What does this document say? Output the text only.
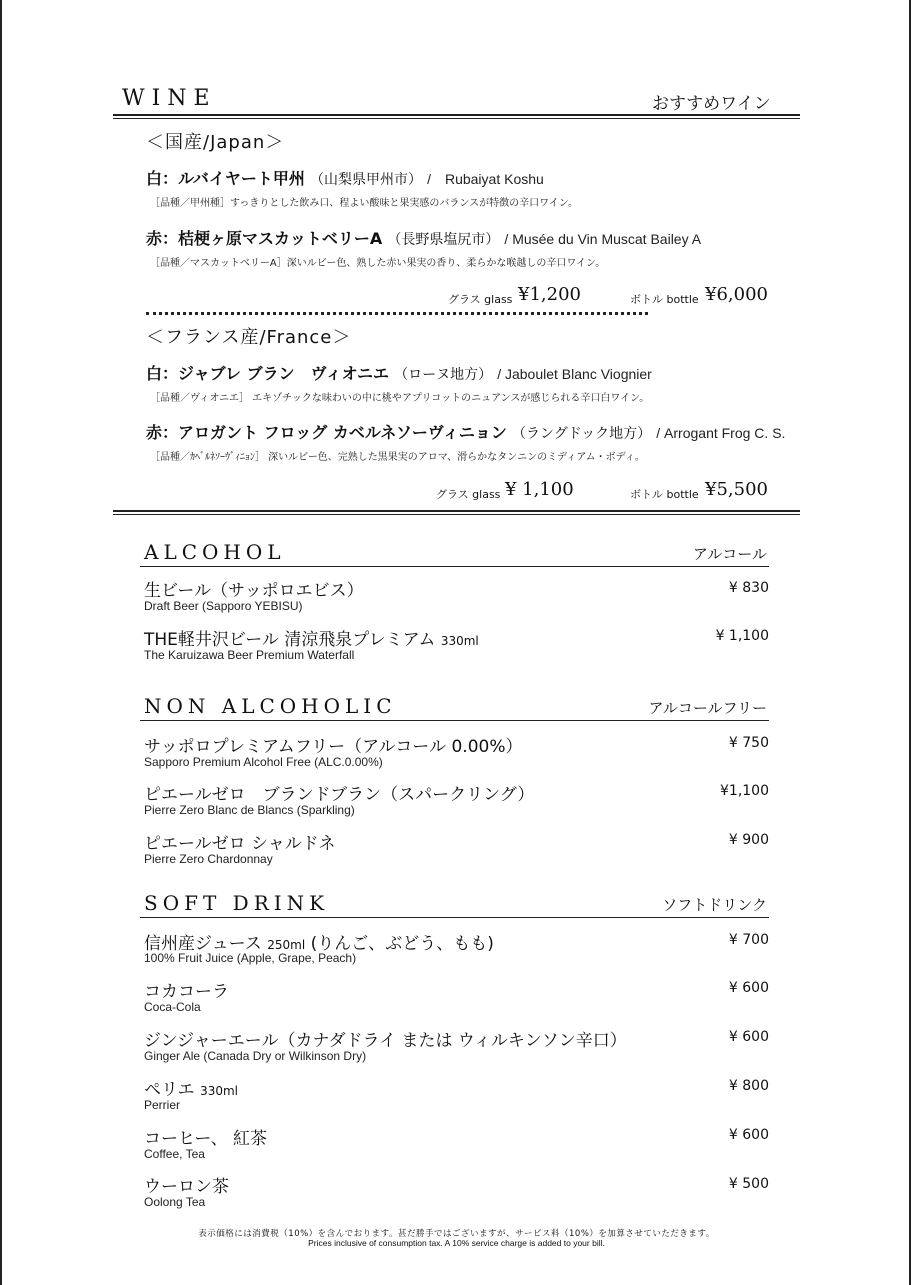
WINE	おすすめワイン
＜国産/Japan＞
白：ルバイヤート甲州 （山梨県甲州市） /　Rubaiyat Koshu
［品種／甲州種］すっきりとした飲み口、程よい酸味と果実感のバランスが特徴の辛口ワイン。
赤：桔梗ヶ原マスカットベリーA （長野県塩尻市） / Musée du Vin Muscat Bailey A
［品種／マスカットベリーA］深いルビー色、熟した赤い果実の香り、柔らかな喉越しの辛口ワイン。
グラス glass ¥1,200	ボトル bottle ¥6,000
＜フランス産/France＞
白：ジャブレ ブラン　ヴィオニエ （ローヌ地方） / Jaboulet Blanc Viognier
［品種／ヴィオニエ］ エキゾチックな味わいの中に桃やアプリコットのニュアンスが感じられる辛口白ワイン。
赤：アロガント フロッグ カベルネソーヴィニョン （ラングドック地方） / Arrogant Frog C. S.
［品種／ｶﾍﾞﾙﾈｿｰｳﾞｨﾆｮﾝ］ 深いルビー色、完熟した黒果実のアロマ、滑らかなタンニンのミディアム・ボディ。
グラス glass ¥ 1,100	ボトル bottle ¥5,500
ALCOHOL	アルコール
生ビール（サッポロエビス）
Draft Beer (Sapporo YEBISU)
¥ 830
THE軽井沢ビール 清涼飛泉プレミアム 330ml
The Karuizawa Beer Premium Waterfall
¥ 1,100
NON ALCOHOLIC	アルコールフリー
サッポロプレミアムフリー（アルコール 0.00%）
Sapporo Premium Alcohol Free (ALC.0.00%)
¥ 750
ピエールゼロ　ブランドブラン（スパークリング）
Pierre Zero Blanc de Blancs (Sparkling)
¥1,100
ピエールゼロ シャルドネ
Pierre Zero Chardonnay
¥ 900
SOFT DRINK	ソフトドリンク
信州産ジュース 250ml (りんご、ぶどう、もも)
100% Fruit Juice (Apple, Grape, Peach)
¥ 700
コカコーラ
Coca-Cola
¥ 600
ジンジャーエール（カナダドライ または ウィルキンソン辛口）
Ginger Ale (Canada Dry or Wilkinson Dry)
¥ 600
ペリエ 330ml
Perrier
¥ 800
コーヒー、 紅茶
Coffee, Tea
¥ 600
ウーロン茶
Oolong Tea
¥ 500
表示価格には消費税（10%）を含んでおります。甚だ勝手ではございますが、サービス料（10%）を加算させていただきます。
Prices inclusive of consumption tax. A 10% service charge is added to your bill.
